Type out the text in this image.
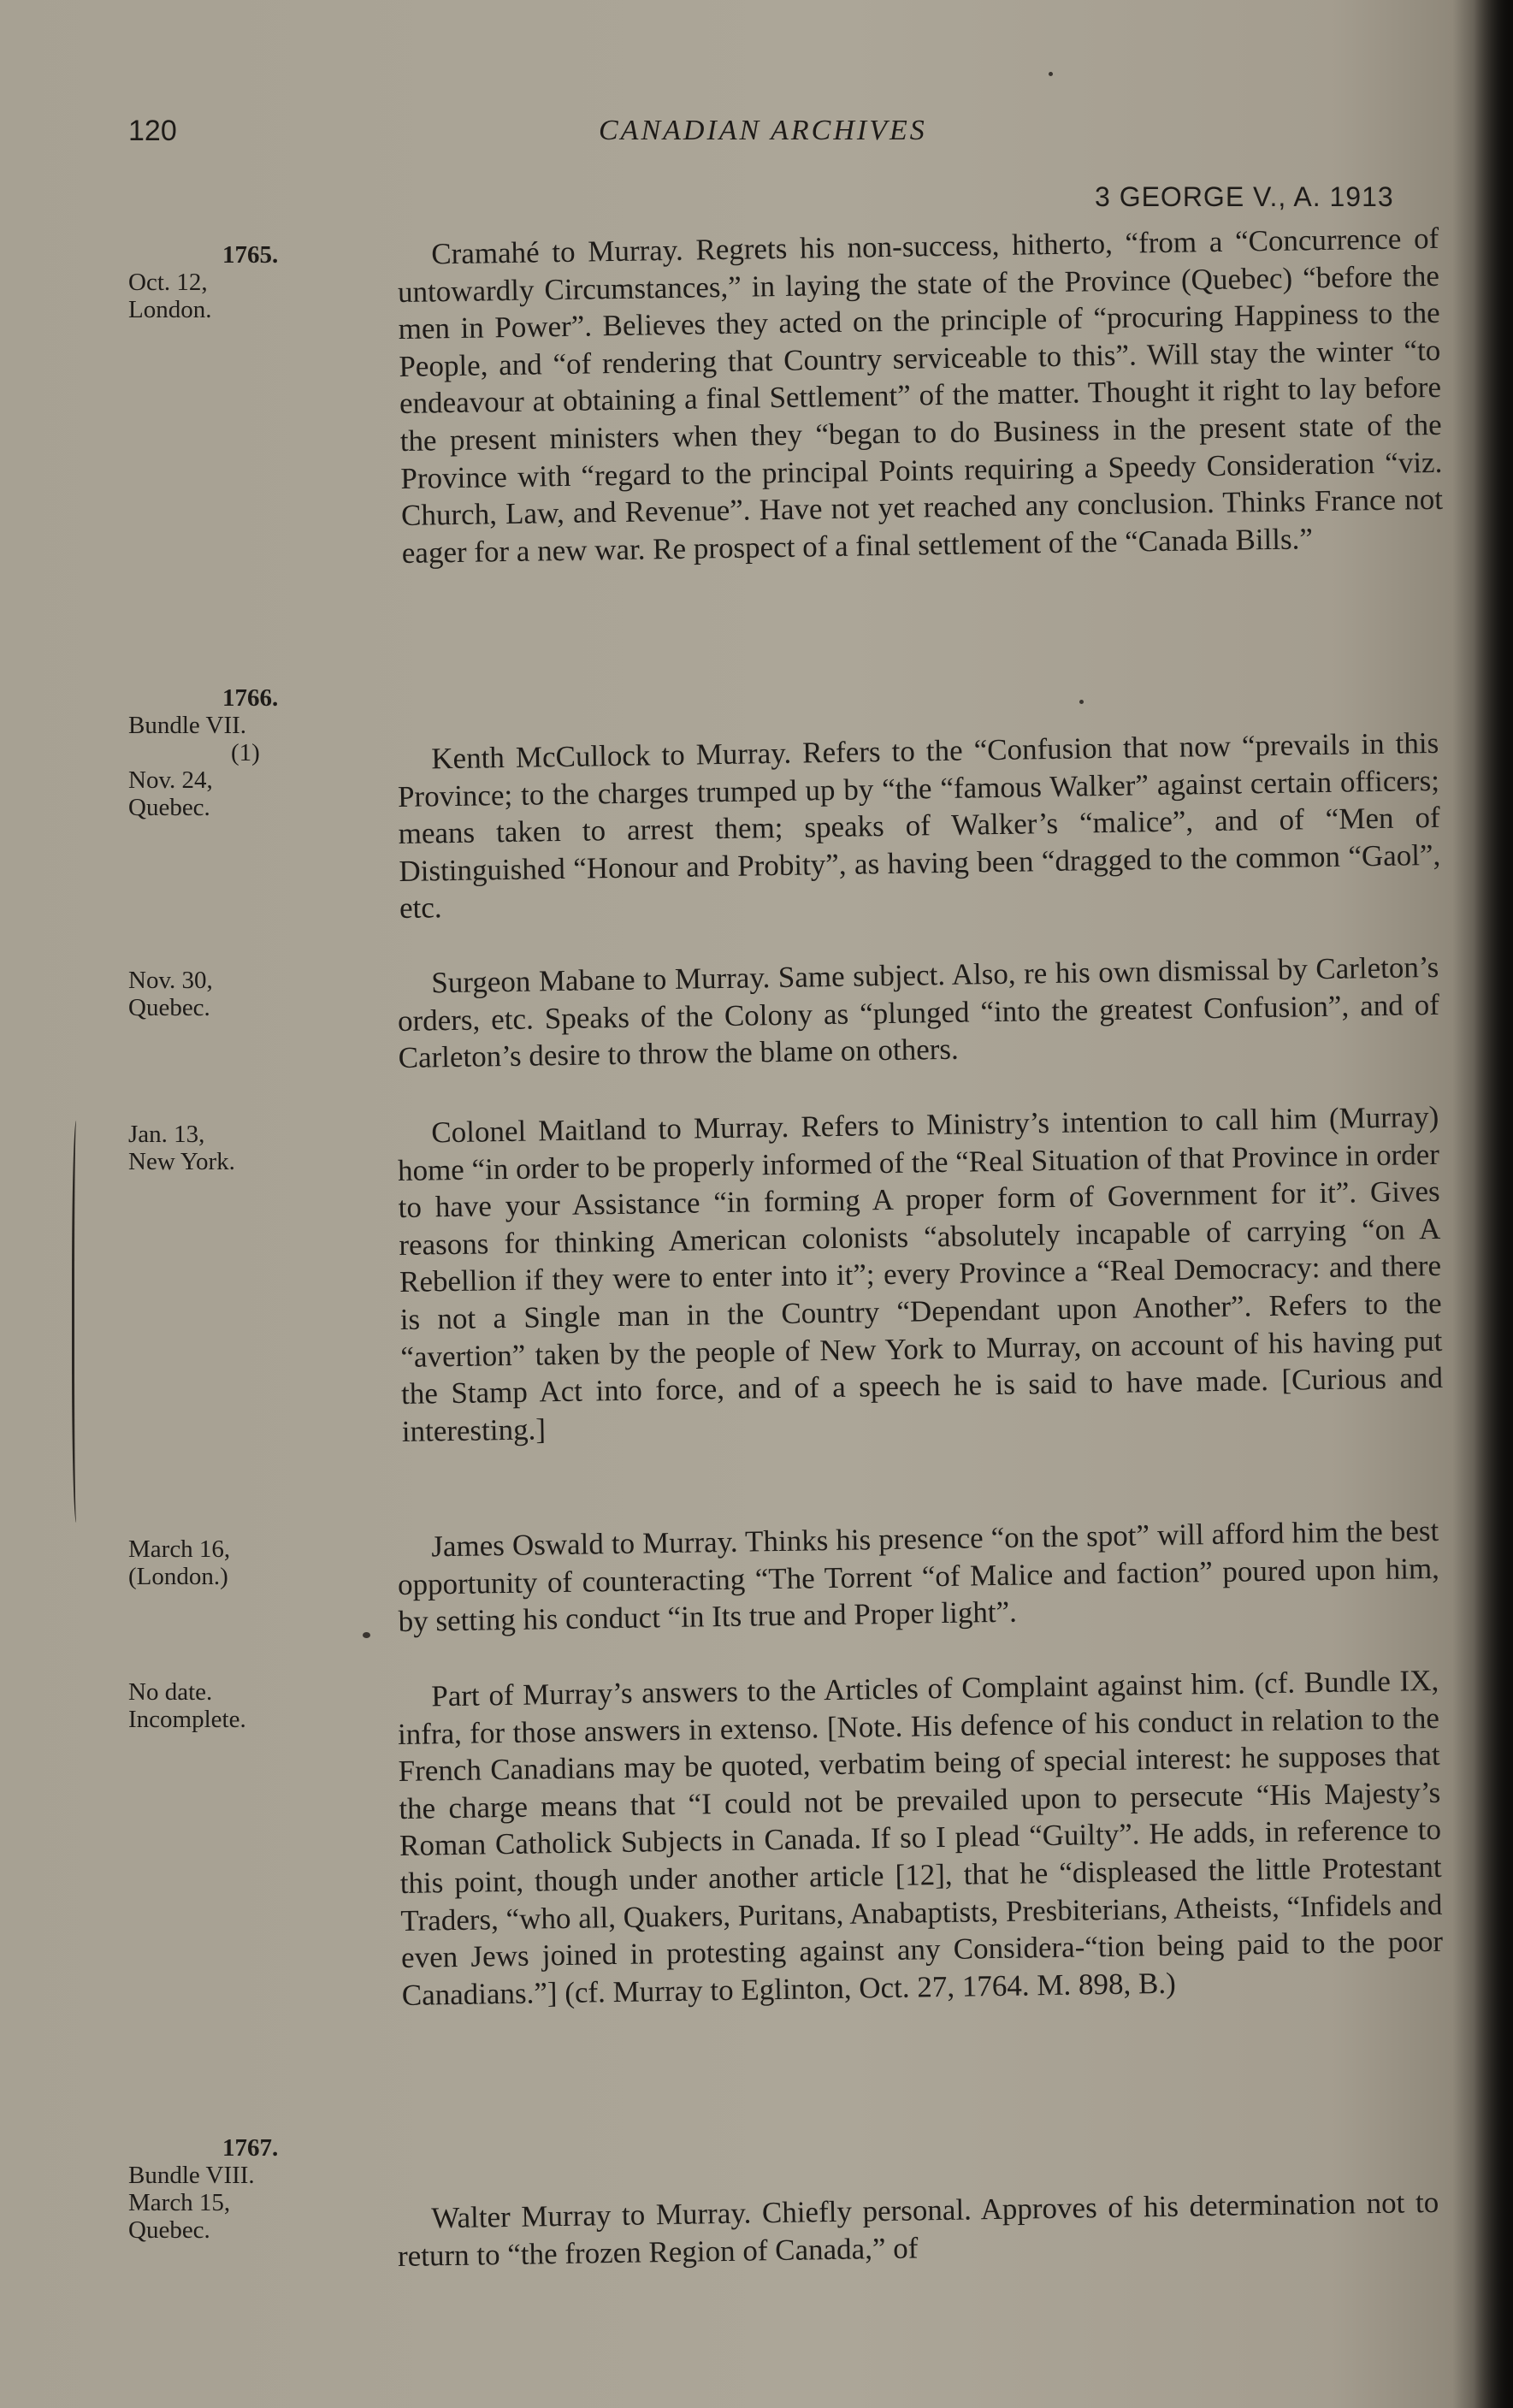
120	CANADIAN ARCHIVES
3 GEORGE V., A. 1913
1765.
Oct. 12,
London.
1766.
Bundle VII.
(1)
Nov. 24,
Quebec.
Nov. 30,
Quebec.
Jan. 13,
New York.
March 16,
(London.)
No date.
Incomplete.
1767.
Bundle VIII.
March 15,
Quebec.

Cramahé to Murray. Regrets his non-success, hitherto, “from a “Concurrence of untowardly Circumstances,” in laying the state of the Province (Quebec) “before the men in Power”. Believes they acted on the principle of “procuring Happiness to the People, and “of rendering that Country serviceable to this”. Will stay the winter “to endeavour at obtaining a final Settlement” of the matter. Thought it right to lay before the present ministers when they “began to do Business in the present state of the Province with “regard to the principal Points requiring a Speedy Consideration “viz. Church, Law, and Revenue”. Have not yet reached any conclusion. Thinks France not eager for a new war. Re prospect of a final settlement of the “Canada Bills.”

Kenth McCullock to Murray. Refers to the “Confusion that now “prevails in this Province; to the charges trumped up by “the “famous Walker” against certain officers; means taken to arrest them; speaks of Walker’s “malice”, and of “Men of Distinguished “Honour and Probity”, as having been “dragged to the common “Gaol”, etc.

Surgeon Mabane to Murray. Same subject. Also, re his own dismissal by Carleton’s orders, etc. Speaks of the Colony as “plunged “into the greatest Confusion”, and of Carleton’s desire to throw the blame on others.

Colonel Maitland to Murray. Refers to Ministry’s intention to call him (Murray) home “in order to be properly informed of the “Real Situation of that Province in order to have your Assistance “in forming A proper form of Government for it”. Gives reasons for thinking American colonists “absolutely incapable of carrying “on A Rebellion if they were to enter into it”; every Province a “Real Democracy: and there is not a Single man in the Country “Dependant upon Another”. Refers to the “avertion” taken by the people of New York to Murray, on account of his having put the Stamp Act into force, and of a speech he is said to have made. [Curious and interesting.]

James Oswald to Murray. Thinks his presence “on the spot” will afford him the best opportunity of counteracting “The Torrent “of Malice and faction” poured upon him, by setting his conduct “in Its true and Proper light”.

Part of Murray’s answers to the Articles of Complaint against him. (cf. Bundle IX, infra, for those answers in extenso. [Note. His defence of his conduct in relation to the French Canadians may be quoted, verbatim being of special interest: he supposes that the charge means that “I could not be prevailed upon to persecute “His Majesty’s Roman Catholick Subjects in Canada. If so I plead “Guilty”. He adds, in reference to this point, though under another article [12], that he “displeased the little Protestant Traders, “who all, Quakers, Puritans, Anabaptists, Presbiterians, Atheists, “Infidels and even Jews joined in protesting against any Considera-“tion being paid to the poor Canadians.”] (cf. Murray to Eglinton, Oct. 27, 1764. M. 898, B.)

Walter Murray to Murray. Chiefly personal. Approves of his determination not to return to “the frozen Region of Canada,” of
